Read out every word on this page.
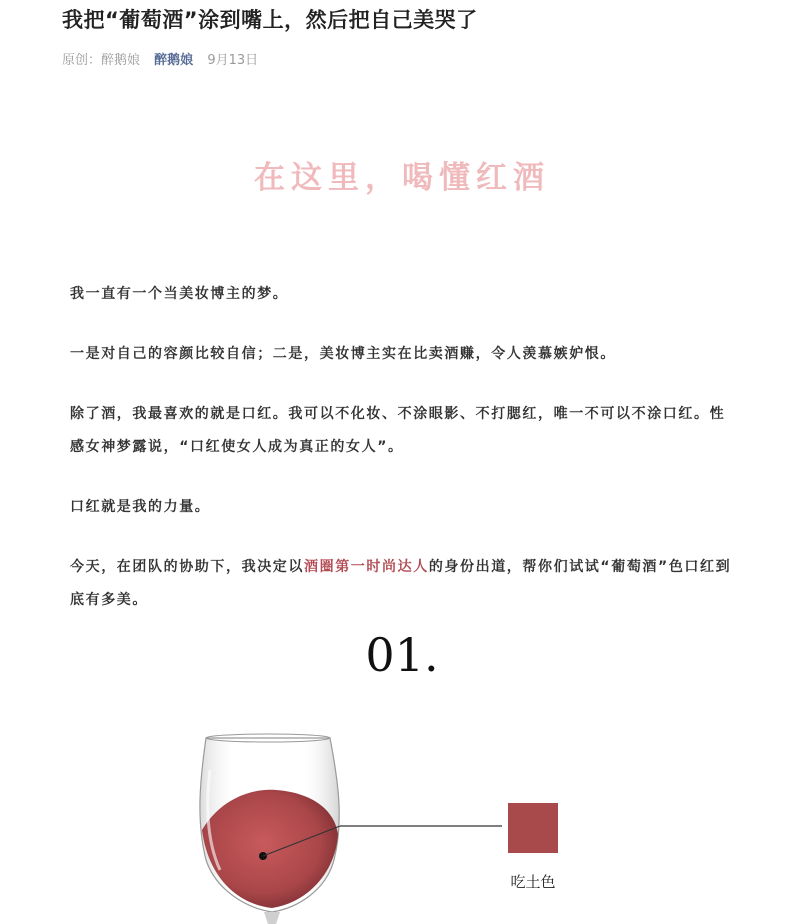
我把“葡萄酒”涂到嘴上，然后把自己美哭了
原创：醉鹅娘 醉鹅娘 9月13日
在这里，喝懂红酒

我一直有一个当美妆博主的梦。

一是对自己的容颜比较自信；二是，美妆博主实在比卖酒赚，令人羡慕嫉妒恨。

除了酒，我最喜欢的就是口红。我可以不化妆、不涂眼影、不打腮红，唯一不可以不涂口红。性感女神梦露说，“口红使女人成为真正的女人”。

口红就是我的力量。

今天，在团队的协助下，我决定以酒圈第一时尚达人的身份出道，帮你们试试“葡萄酒”色口红到底有多美。

01.
吃土色
